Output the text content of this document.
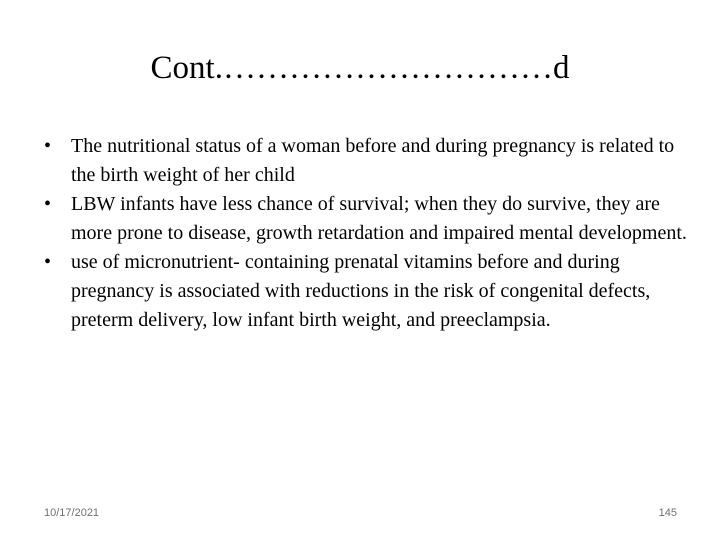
Cont.…………………………d
• The nutritional status of a woman before and during pregnancy is related to the birth weight of her child
• LBW infants have less chance of survival; when they do survive, they are more prone to disease, growth retardation and impaired mental development.
• use of micronutrient- containing prenatal vitamins before and during pregnancy is associated with reductions in the risk of congenital defects, preterm delivery, low infant birth weight, and preeclampsia.
10/17/2021	145
